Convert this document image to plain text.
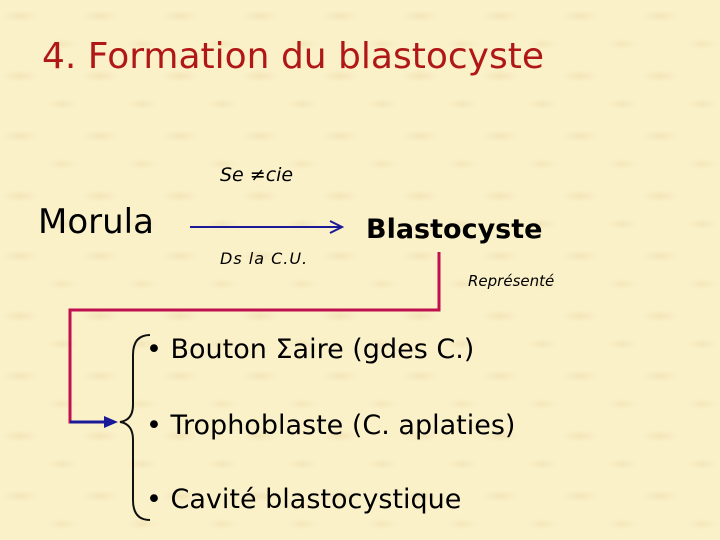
4. Formation du blastocyste
Morula
Se ≠cie
Ds la C.U.
Blastocyste
Représenté
• Bouton Σaire (gdes C.)
• Trophoblaste (C. aplaties)
• Cavité blastocystique
